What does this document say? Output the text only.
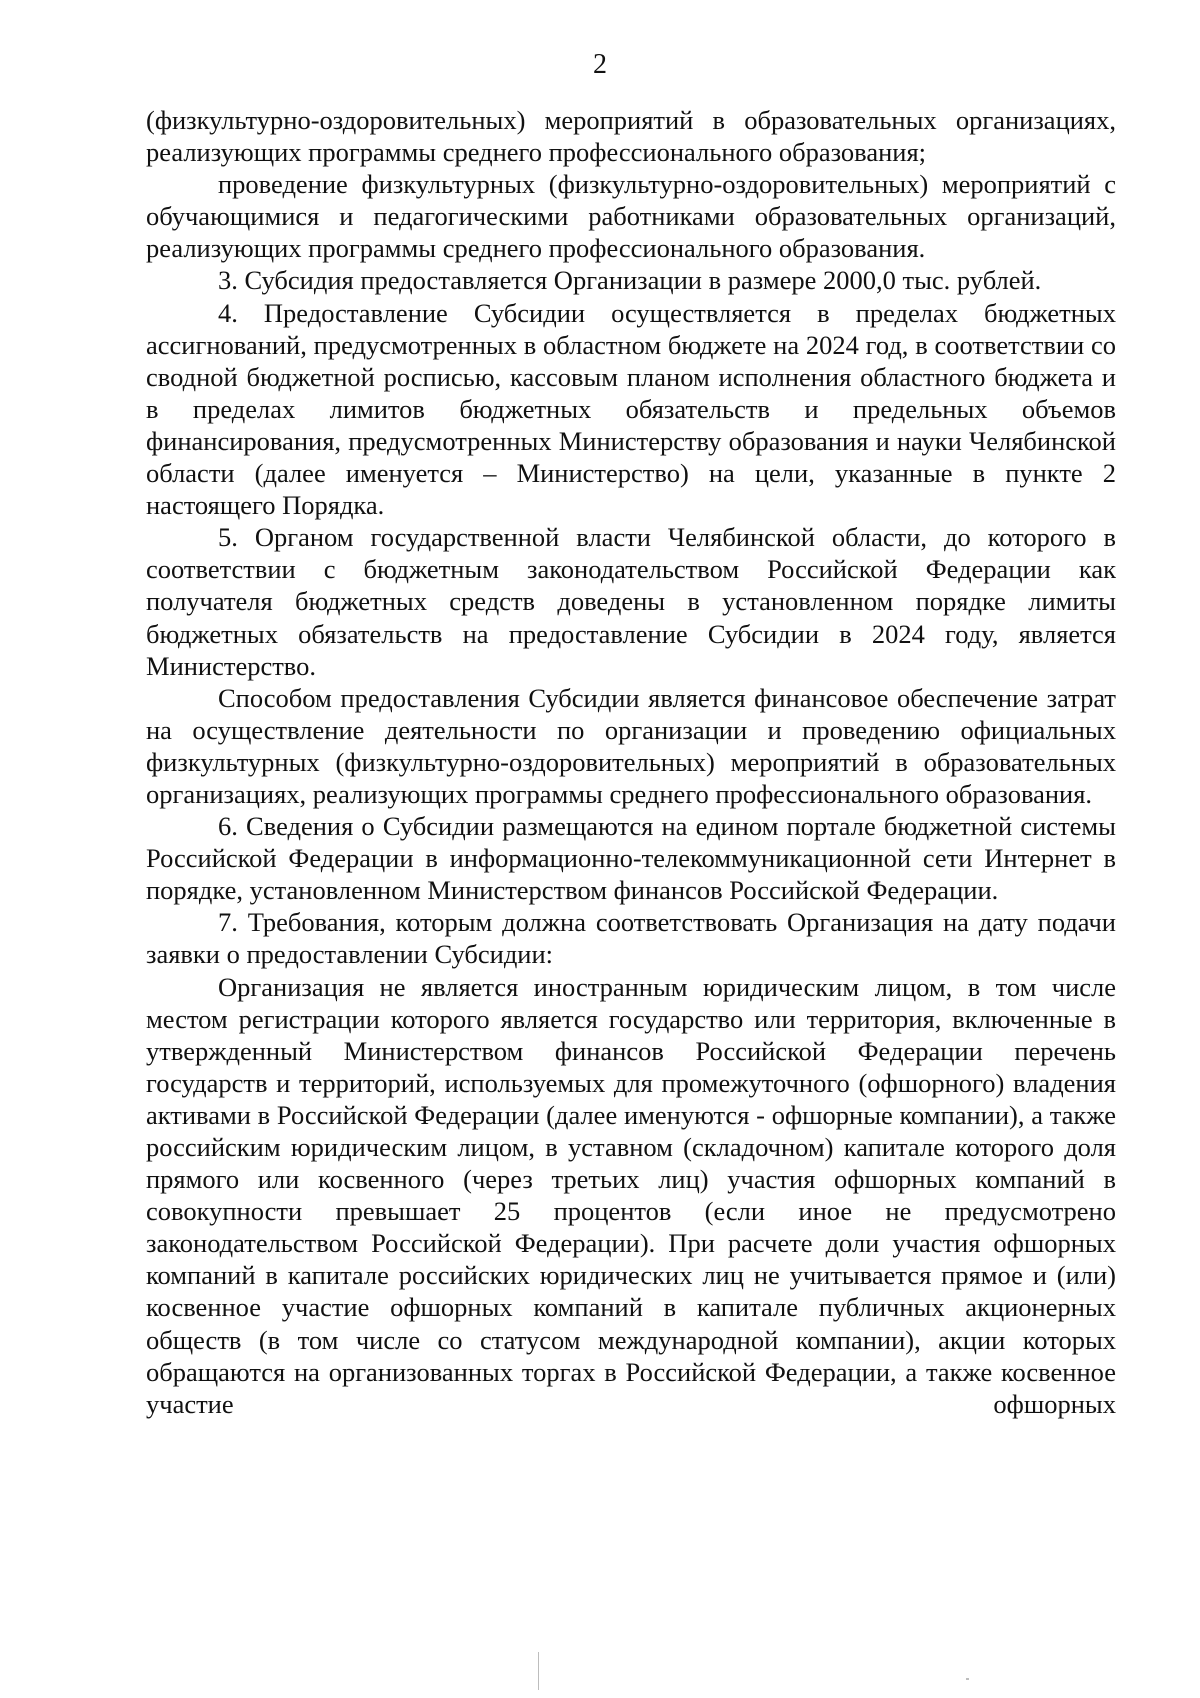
2

(физкультурно-оздоровительных) мероприятий в образовательных организациях, реализующих программы среднего профессионального образования;

проведение физкультурных (физкультурно-оздоровительных) мероприятий с обучающимися и педагогическими работниками образовательных организаций, реализующих программы среднего профессионального образования.

3. Субсидия предоставляется Организации в размере 2000,0 тыс. рублей.

4. Предоставление Субсидии осуществляется в пределах бюджетных ассигнований, предусмотренных в областном бюджете на 2024 год, в соответствии со сводной бюджетной росписью, кассовым планом исполнения областного бюджета и в пределах лимитов бюджетных обязательств и предельных объемов финансирования, предусмотренных Министерству образования и науки Челябинской области (далее именуется – Министерство) на цели, указанные в пункте 2 настоящего Порядка.

5. Органом государственной власти Челябинской области, до которого в соответствии с бюджетным законодательством Российской Федерации как получателя бюджетных средств доведены в установленном порядке лимиты бюджетных обязательств на предоставление Субсидии в 2024 году, является Министерство.

Способом предоставления Субсидии является финансовое обеспечение затрат на осуществление деятельности по организации и проведению официальных физкультурных (физкультурно-оздоровительных) мероприятий в образовательных организациях, реализующих программы среднего профессионального образования.

6. Сведения о Субсидии размещаются на едином портале бюджетной системы Российской Федерации в информационно-телекоммуникационной сети Интернет в порядке, установленном Министерством финансов Российской Федерации.

7. Требования, которым должна соответствовать Организация на дату подачи заявки о предоставлении Субсидии:

Организация не является иностранным юридическим лицом, в том числе местом регистрации которого является государство или территория, включенные в утвержденный Министерством финансов Российской Федерации перечень государств и территорий, используемых для промежуточного (офшорного) владения активами в Российской Федерации (далее именуются - офшорные компании), а также российским юридическим лицом, в уставном (складочном) капитале которого доля прямого или косвенного (через третьих лиц) участия офшорных компаний в совокупности превышает 25 процентов (если иное не предусмотрено законодательством Российской Федерации). При расчете доли участия офшорных компаний в капитале российских юридических лиц не учитывается прямое и (или) косвенное участие офшорных компаний в капитале публичных акционерных обществ (в том числе со статусом международной компании), акции которых обращаются на организованных торгах в Российской Федерации, а также косвенное участие офшорных
